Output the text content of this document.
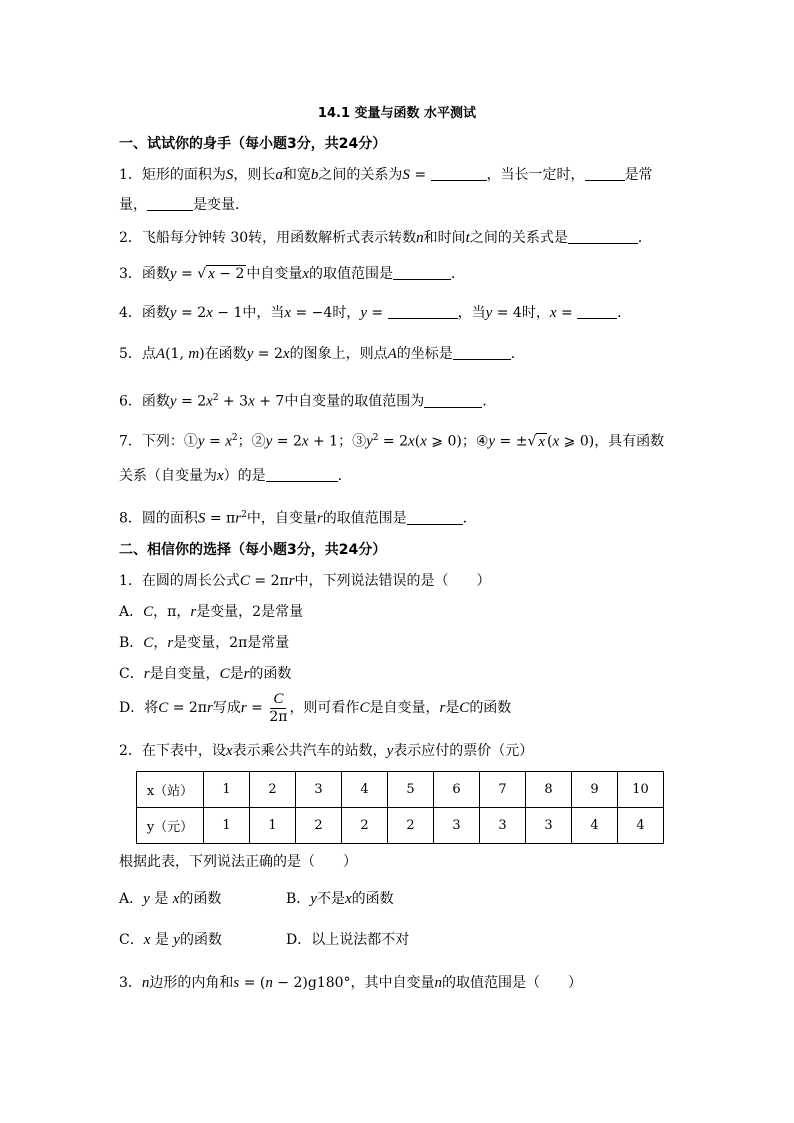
14.1 变量与函数 水平测试
一、试试你的身手（每小题3分，共24分）
1．矩形的面积为S，则长a和宽b之间的关系为S =	，当长一定时，	是常
量，	是变量．
2．飞船每分钟转 30转，用函数解析式表示转数n和时间t之间的关系式是	．
3．函数y = √ x − 2 中自变量x的取值范围是	．
4．函数y = 2x − 1中，当x = −4时，y =	，当y = 4时，x =	．
5．点A(1, m)在函数y = 2x的图象上，则点A的坐标是	．
6．函数$y = 2x^2 + 3x + 7$中自变量的取值范围为	．
7．下列：①y = $x^2$；②y = 2x + 1；$③y^2 = 2x(x$ ⩾ 0)；④y = ±√ x (x ⩾ 0)，具有函数
关系（自变量为x）的是	．
8．圆的面积$S = \pi r^2$中，自变量r的取值范围是	．
二、相信你的选择（每小题3分，共24分）
1．在圆的周长公式C = 2πr中，下列说法错误的是（　　）
A．C，π，r是变量，2是常量
B．C，r是变量，2π是常量
C．r是自变量，C是r的函数
D．将C = 2πr写成$r = \frac{C}{2\pi}$ ，则可看作C是自变量，r是C的函数
2．在下表中，设x表示乘公共汽车的站数，y表示应付的票价（元）
x（站）	1	2	3	4	5	6	7	8	9	10
y（元）	1	1	2	2	2	3	3	3	4	4
根据此表，下列说法正确的是（　　）
A．y 是 x的函数	B．y不是x的函数
C．x 是 y的函数	D．以上说法都不对
3．n边形的内角和s = (n − 2)g180°，其中自变量n的取值范围是（　　）
